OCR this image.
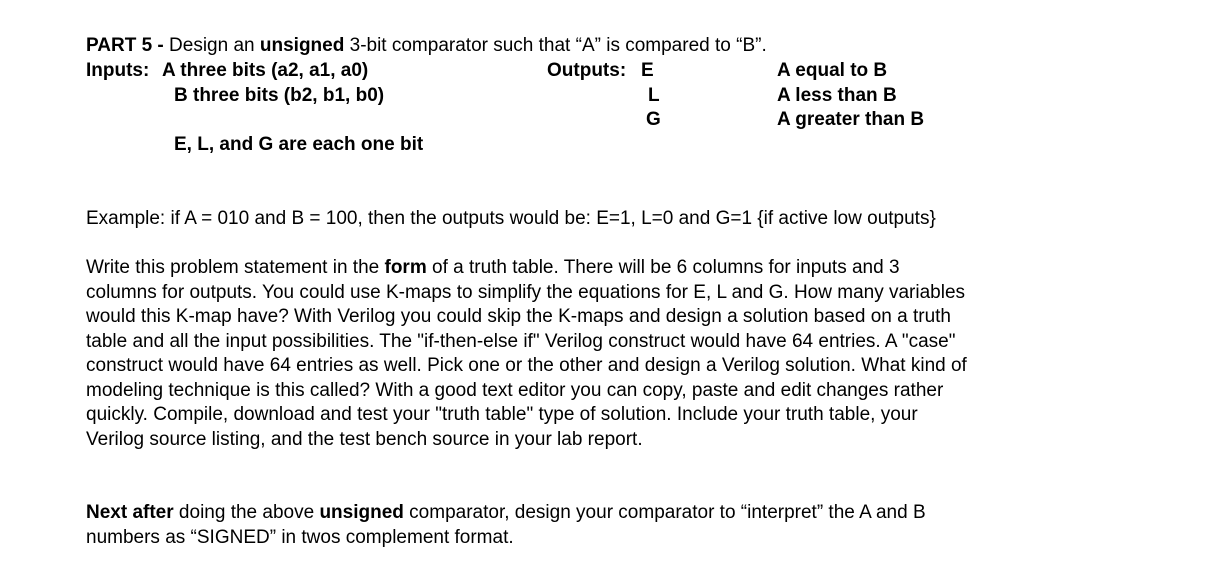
PART 5 - Design an unsigned 3-bit comparator such that “A” is compared to “B”.
Inputs: A three bits (a2, a1, a0)
B three bits (b2, b1, b0)
E, L, and G are each one bit
Outputs: E
L
G
A equal to B
A less than B
A greater than B
Example: if A = 010 and B = 100, then the outputs would be: E=1, L=0 and G=1 {if active low outputs}
Write this problem statement in the form of a truth table. There will be 6 columns for inputs and 3
columns for outputs. You could use K-maps to simplify the equations for E, L and G. How many variables
would this K-map have? With Verilog you could skip the K-maps and design a solution based on a truth
table and all the input possibilities. The "if-then-else if" Verilog construct would have 64 entries. A "case"
construct would have 64 entries as well. Pick one or the other and design a Verilog solution. What kind of
modeling technique is this called? With a good text editor you can copy, paste and edit changes rather
quickly. Compile, download and test your "truth table" type of solution. Include your truth table, your
Verilog source listing, and the test bench source in your lab report.
Next after doing the above unsigned comparator, design your comparator to “interpret” the A and B
numbers as “SIGNED” in twos complement format.
